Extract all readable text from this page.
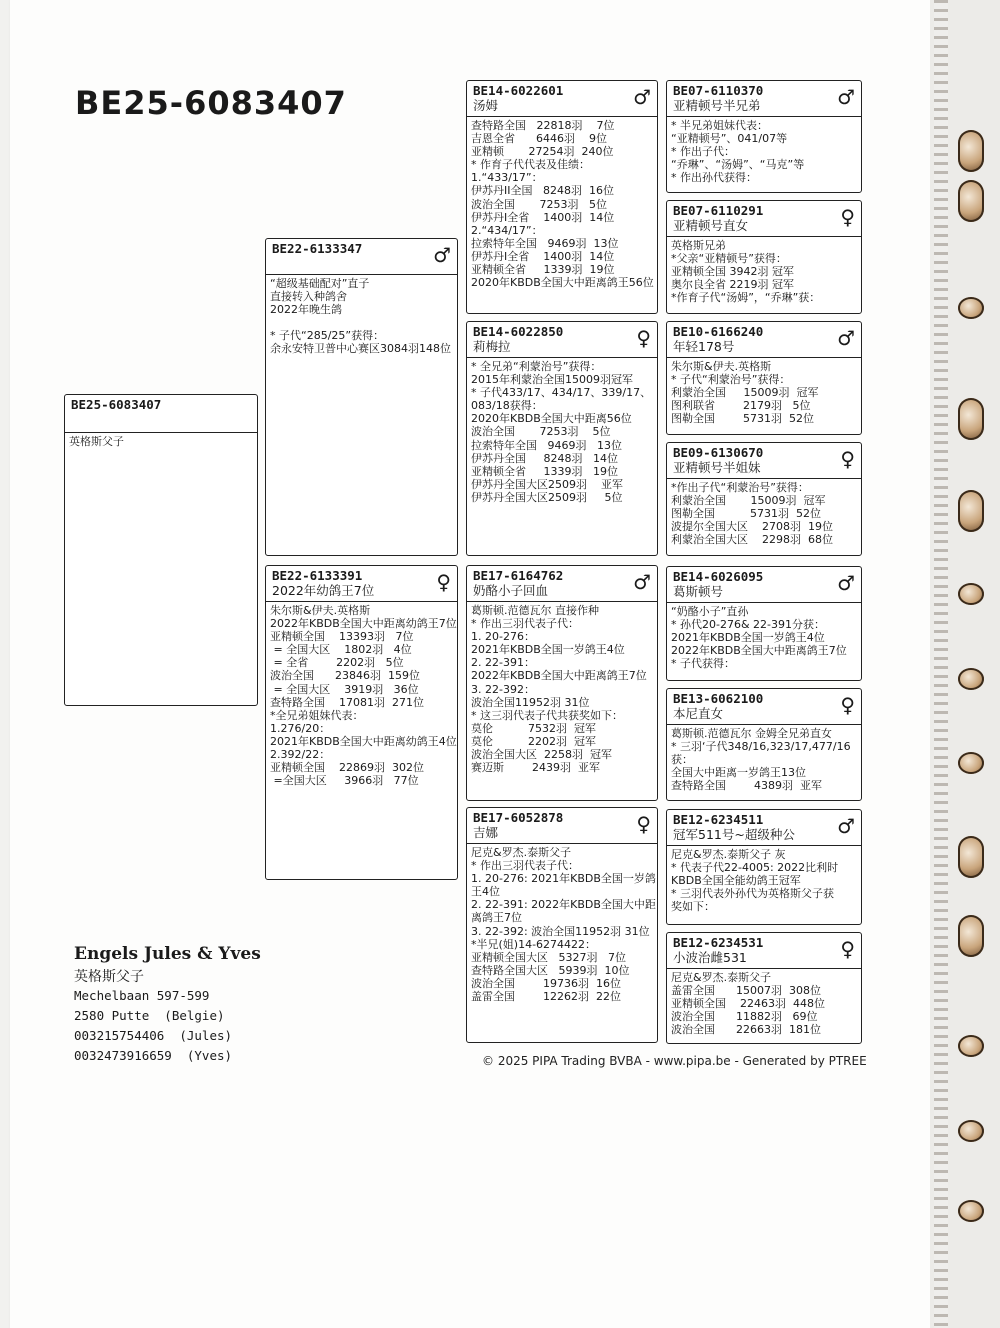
BE25-6083407
BE25-6083407
英格斯父子
BE22-6133347	♂
“超级基础配对”直子
直接转入种鸽舍
2022年晚生鸽

* 子代“285/25”获得：
余永安特卫普中心赛区3084羽148位
BE22-6133391
2022年幼鸽王7位	♀
朱尔斯&伊夫.英格斯
2022年KBDB全国大中距离幼鸽王7位
亚精顿全国    13393羽   7位
= 全国大区    1802羽   4位
= 全省        2202羽   5位
波治全国      23846羽  159位
= 全国大区    3919羽   36位
查特路全国    17081羽  271位
*全兄弟姐妹代表：
1.276/20：
2021年KBDB全国大中距离幼鸽王4位
2.392/22：
亚精顿全国    22869羽  302位
=全国大区     3966羽   77位
BE14-6022601
汤姆	♂
查特路全国   22818羽    7位
吉恩全省      6446羽    9位
亚精顿       27254羽  240位
* 作育子代代表及佳绩：
1.“433/17”：
伊苏丹II全国   8248羽  16位
波治全国       7253羽   5位
伊苏丹I全省    1400羽  14位
2.“434/17”：
拉索特年全国   9469羽  13位
伊苏丹I全省    1400羽  14位
亚精顿全省     1339羽  19位
2020年KBDB全国大中距离鸽王56位
BE14-6022850
莉梅拉	♀
* 全兄弟“利蒙治号”获得：
2015年利蒙治全国15009羽冠军
* 子代433/17、434/17、339/17、
083/18获得：
2020年KBDB全国大中距离56位
波治全国       7253羽    5位
拉索特年全国   9469羽   13位
伊苏丹全国     8248羽   14位
亚精顿全省     1339羽   19位
伊苏丹全国大区2509羽    亚军
伊苏丹全国大区2509羽     5位
BE17-6164762
奶酪小子回血	♂
葛斯顿.范德瓦尔 直接作种
* 作出三羽代表子代：
1. 20-276：
2021年KBDB全国一岁鸽王4位
2. 22-391：
2022年KBDB全国大中距离鸽王7位
3. 22-392：
波治全国11952羽 31位
* 这三羽代表子代共获奖如下：
莫伦          7532羽  冠军
莫伦          2202羽  冠军
波治全国大区  2258羽  冠军
赛迈斯        2439羽  亚军
BE17-6052878
吉娜	♀
尼克&罗杰.泰斯父子
* 作出三羽代表子代：
1. 20-276: 2021年KBDB全国一岁鸽
王4位
2. 22-391: 2022年KBDB全国大中距
离鸽王7位
3. 22-392: 波治全国11952羽 31位
*半兄(姐)14-6274422：
亚精顿全国大区   5327羽   7位
查特路全国大区   5939羽  10位
波治全国        19736羽  16位
盖雷全国        12262羽  22位
BE07-6110370
亚精顿号半兄弟	♂
* 半兄弟姐妹代表：
“亚精顿号”、041/07等
* 作出子代：
“乔琳”、“汤姆”、“马克”等
* 作出孙代获得：
BE07-6110291
亚精顿号直女	♀
英格斯兄弟
*父亲“亚精顿号”获得：
亚精顿全国 3942羽 冠军
奥尔良全省 2219羽 冠军
*作育子代“汤姆”，“乔琳”获：
BE10-6166240
年轻178号	♂
朱尔斯&伊夫.英格斯
* 子代“利蒙治号”获得：
利蒙治全国     15009羽  冠军
图利联省        2179羽   5位
图勒全国        5731羽  52位
BE09-6130670
亚精顿号半姐妹	♀
*作出子代“利蒙治号”获得：
利蒙治全国       15009羽  冠军
图勒全国          5731羽  52位
波提尔全国大区    2708羽  19位
利蒙治全国大区    2298羽  68位
BE14-6026095
葛斯顿号	♂
“奶酪小子”直孙
* 孙代20-276& 22-391分获：
2021年KBDB全国一岁鸽王4位
2022年KBDB全国大中距离鸽王7位
* 子代获得：
BE13-6062100
本尼直女	♀
葛斯顿.范德瓦尔 金姆全兄弟直女
* 三羽‘子代348/16,323/17,477/16
获：
全国大中距离一岁鸽王13位
查特路全国        4389羽  亚军
BE12-6234511
冠军511号~超级种公	♂
尼克&罗杰.泰斯父子 灰
* 代表子代22-4005: 2022比利时
KBDB全国全能幼鸽王冠军
* 三羽代表外孙代为英格斯父子获
奖如下：
BE12-6234531
小波治雌531	♀
尼克&罗杰.泰斯父子
盖雷全国      15007羽  308位
亚精顿全国    22463羽  448位
波治全国      11882羽   69位
波治全国      22663羽  181位
Engels Jules & Yves
英格斯父子
Mechelbaan 597-599
2580 Putte  (Belgie)
003215754406  (Jules)
0032473916659  (Yves)	© 2025 PIPA Trading BVBA - www.pipa.be - Generated by PTREE
